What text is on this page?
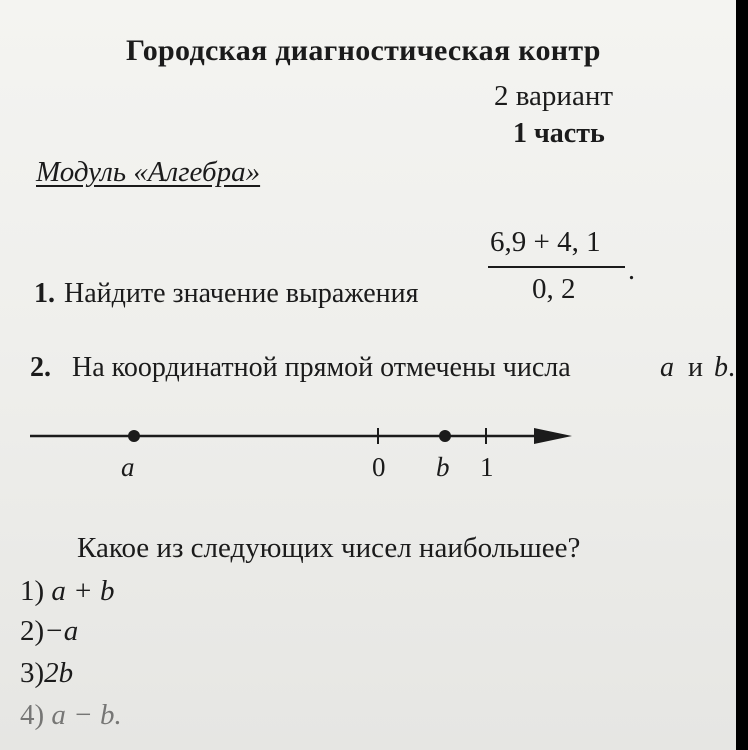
Городская диагностическая контр
2 вариант
1 часть
Модуль «Алгебра»
1. Найдите значение выражения
6,9 + 4, 1
0, 2
.
2. На координатной прямой отмечены числа	a и b .
a	0 b 1
Какое из следующих чисел наибольшее?
1) a + b
2)−a
3)2b
4) a − b.
